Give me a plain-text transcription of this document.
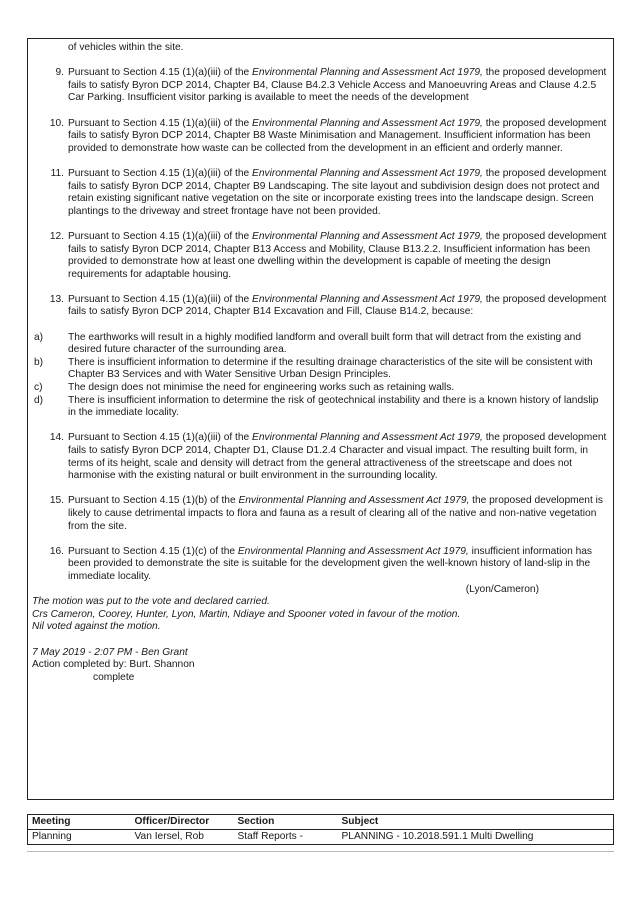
of vehicles within the site.

9. Pursuant to Section 4.15 (1)(a)(iii) of the Environmental Planning and Assessment Act 1979, the proposed development fails to satisfy Byron DCP 2014, Chapter B4, Clause B4.2.3 Vehicle Access and Manoeuvring Areas and Clause 4.2.5 Car Parking. Insufficient visitor parking is available to meet the needs of the development

10. Pursuant to Section 4.15 (1)(a)(iii) of the Environmental Planning and Assessment Act 1979, the proposed development fails to satisfy Byron DCP 2014, Chapter B8 Waste Minimisation and Management. Insufficient information has been provided to demonstrate how waste can be collected from the development in an efficient and orderly manner.

11. Pursuant to Section 4.15 (1)(a)(iii) of the Environmental Planning and Assessment Act 1979, the proposed development fails to satisfy Byron DCP 2014, Chapter B9 Landscaping. The site layout and subdivision design does not protect and retain existing significant native vegetation on the site or incorporate existing trees into the landscape design. Screen plantings to the driveway and street frontage have not been provided.

12. Pursuant to Section 4.15 (1)(a)(iii) of the Environmental Planning and Assessment Act 1979, the proposed development fails to satisfy Byron DCP 2014, Chapter B13 Access and Mobility, Clause B13.2.2. Insufficient information has been provided to demonstrate how at least one dwelling within the development is capable of meeting the design requirements for adaptable housing.

13. Pursuant to Section 4.15 (1)(a)(iii) of the Environmental Planning and Assessment Act 1979, the proposed development fails to satisfy Byron DCP 2014, Chapter B14 Excavation and Fill, Clause B14.2, because:

a)	The earthworks will result in a highly modified landform and overall built form that will detract from the existing and desired future character of the surrounding area.

b)	There is insufficient information to determine if the resulting drainage characteristics of the site will be consistent with Chapter B3 Services and with Water Sensitive Urban Design Principles.

c)	The design does not minimise the need for engineering works such as retaining walls.

d)	There is insufficient information to determine the risk of geotechnical instability and there is a known history of landslip in the immediate locality.

14. Pursuant to Section 4.15 (1)(a)(iii) of the Environmental Planning and Assessment Act 1979, the proposed development fails to satisfy Byron DCP 2014, Chapter D1, Clause D1.2.4 Character and visual impact. The resulting built form, in terms of its height, scale and density will detract from the general attractiveness of the streetscape and does not harmonise with the existing natural or built environment in the surrounding locality.

15. Pursuant to Section 4.15 (1)(b) of the Environmental Planning and Assessment Act 1979, the proposed development is likely to cause detrimental impacts to flora and fauna as a result of clearing all of the native and non-native vegetation from the site.

16. Pursuant to Section 4.15 (1)(c) of the Environmental Planning and Assessment Act 1979, insufficient information has been provided to demonstrate the site is suitable for the development given the well-known history of land-slip in the immediate locality.

(Lyon/Cameron)

The motion was put to the vote and declared carried.

Crs Cameron, Coorey, Hunter, Lyon, Martin, Ndiaye and Spooner voted in favour of the motion.

Nil voted against the motion.

7 May 2019 - 2:07 PM - Ben Grant

Action completed by: Burt. Shannon

complete

Meeting	Officer/Director	Section	Subject
Planning	Van Iersel, Rob	Staff Reports -	PLANNING - 10.2018.591.1 Multi Dwelling
